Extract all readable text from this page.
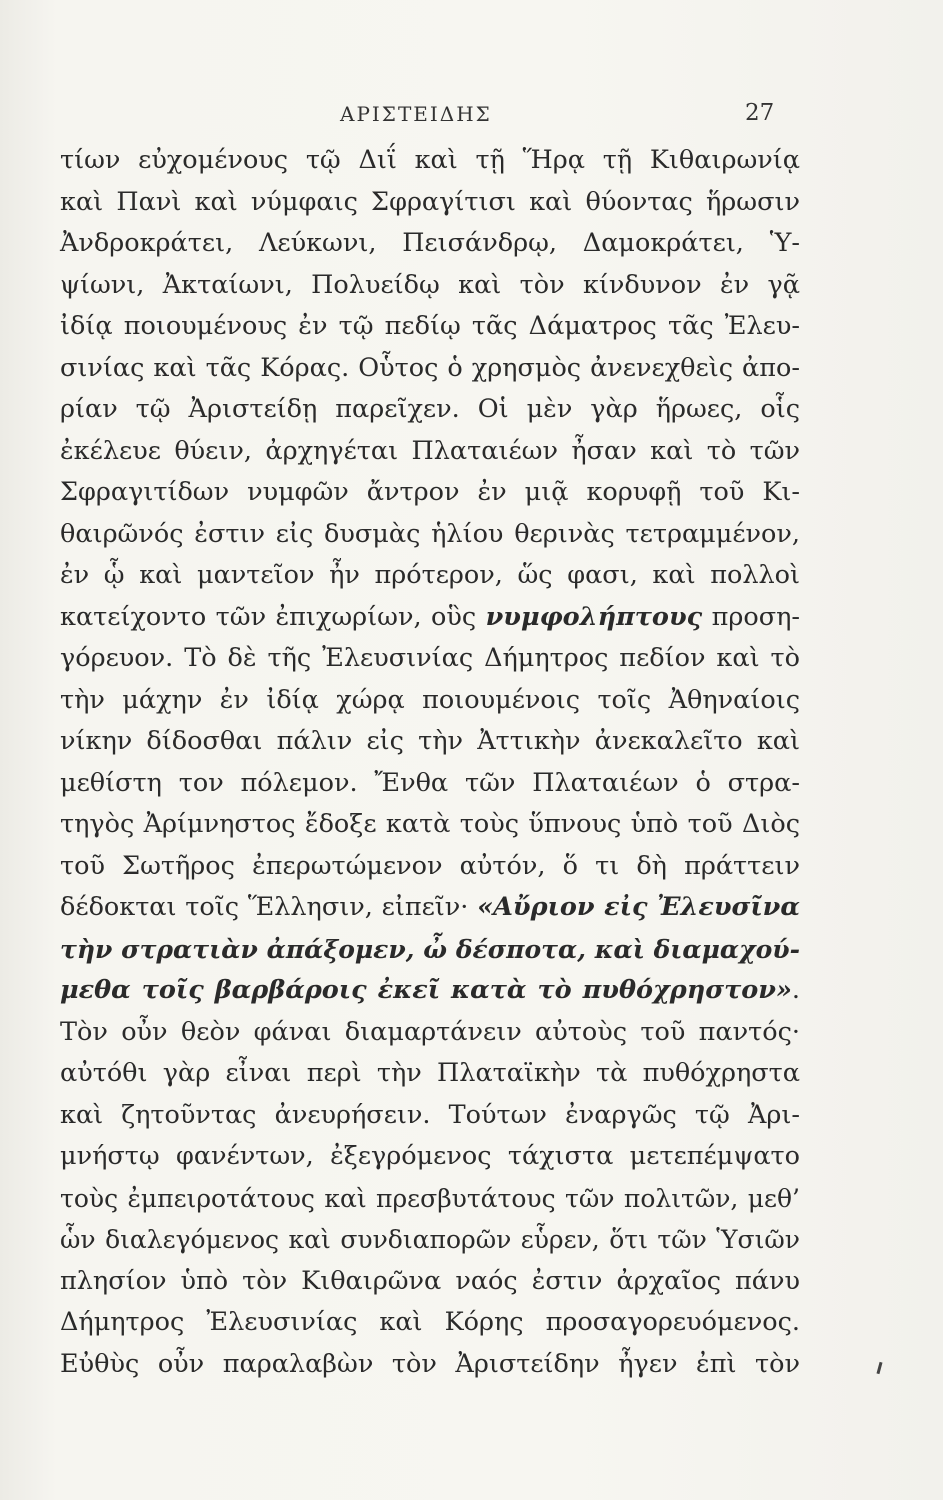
ΑΡΙΣΤΕΙΔΗΣ	27
τίων εὐχομένους τῷ Διΐ καὶ τῇ Ἥρᾳ τῇ Κιθαιρωνίᾳ
καὶ Πανὶ καὶ νύμφαις Σφραγίτισι καὶ θύοντας ἥρωσιν
Ἀνδροκράτει, Λεύκωνι, Πεισάνδρῳ, Δαμοκράτει, Ὑ-
ψίωνι, Ἀκταίωνι, Πολυείδῳ καὶ τὸν κίνδυνον ἐν γᾷ
ἰδίᾳ ποιουμένους ἐν τῷ πεδίῳ τᾶς Δάματρος τᾶς Ἐλευ-
σινίας καὶ τᾶς Κόρας. Οὗτος ὁ χρησμὸς ἀνενεχθεὶς ἀπο-
ρίαν τῷ Ἀριστείδῃ παρεῖχεν. Οἱ μὲν γὰρ ἥρωες, οἷς
ἐκέλευε θύειν, ἀρχηγέται Πλαταιέων ἦσαν καὶ τὸ τῶν
Σφραγιτίδων νυμφῶν ἄντρον ἐν μιᾷ κορυφῇ τοῦ Κι-
θαιρῶνός ἐστιν εἰς δυσμὰς ἡλίου θερινὰς τετραμμένον,
ἐν ᾧ καὶ μαντεῖον ἦν πρότερον, ὥς φασι, καὶ πολλοὶ
κατείχοντο τῶν ἐπιχωρίων, οὓς νυμφολήπτους προση-
γόρευον. Τὸ δὲ τῆς Ἐλευσινίας Δήμητρος πεδίον καὶ τὸ
τὴν μάχην ἐν ἰδίᾳ χώρᾳ ποιουμένοις τοῖς Ἀθηναίοις
νίκην δίδοσθαι πάλιν εἰς τὴν Ἀττικὴν ἀνεκαλεῖτο καὶ
μεθίστη τον πόλεμον. Ἔνθα τῶν Πλαταιέων ὁ στρα-
τηγὸς Ἀρίμνηστος ἔδοξε κατὰ τοὺς ὕπνους ὑπὸ τοῦ Διὸς
τοῦ Σωτῆρος ἐπερωτώμενον αὐτόν, ὅ τι δὴ πράττειν
δέδοκται τοῖς Ἕλλησιν, εἰπεῖν· «Αὔριον εἰς Ἐλευσῖνα
τὴν στρατιὰν ἀπάξομεν, ὦ δέσποτα, καὶ διαμαχού-
μεθα τοῖς βαρβάροις ἐκεῖ κατὰ τὸ πυθόχρηστον».
Τὸν οὖν θεὸν φάναι διαμαρτάνειν αὐτοὺς τοῦ παντός·
αὐτόθι γὰρ εἶναι περὶ τὴν Πλαταϊκὴν τὰ πυθόχρηστα
καὶ ζητοῦντας ἀνευρήσειν. Τούτων ἐναργῶς τῷ Ἀρι-
μνήστῳ φανέντων, ἐξεγρόμενος τάχιστα μετεπέμψατο
τοὺς ἐμπειροτάτους καὶ πρεσβυτάτους τῶν πολιτῶν, μεθ’
ὧν διαλεγόμενος καὶ συνδιαπορῶν εὗρεν, ὅτι τῶν Ὑσιῶν
πλησίον ὑπὸ τὸν Κιθαιρῶνα ναός ἐστιν ἀρχαῖος πάνυ
Δήμητρος Ἐλευσινίας καὶ Κόρης προσαγορευόμενος.
Εὐθὺς οὖν παραλαβὼν τὸν Ἀριστείδην ἦγεν ἐπὶ τὸν
